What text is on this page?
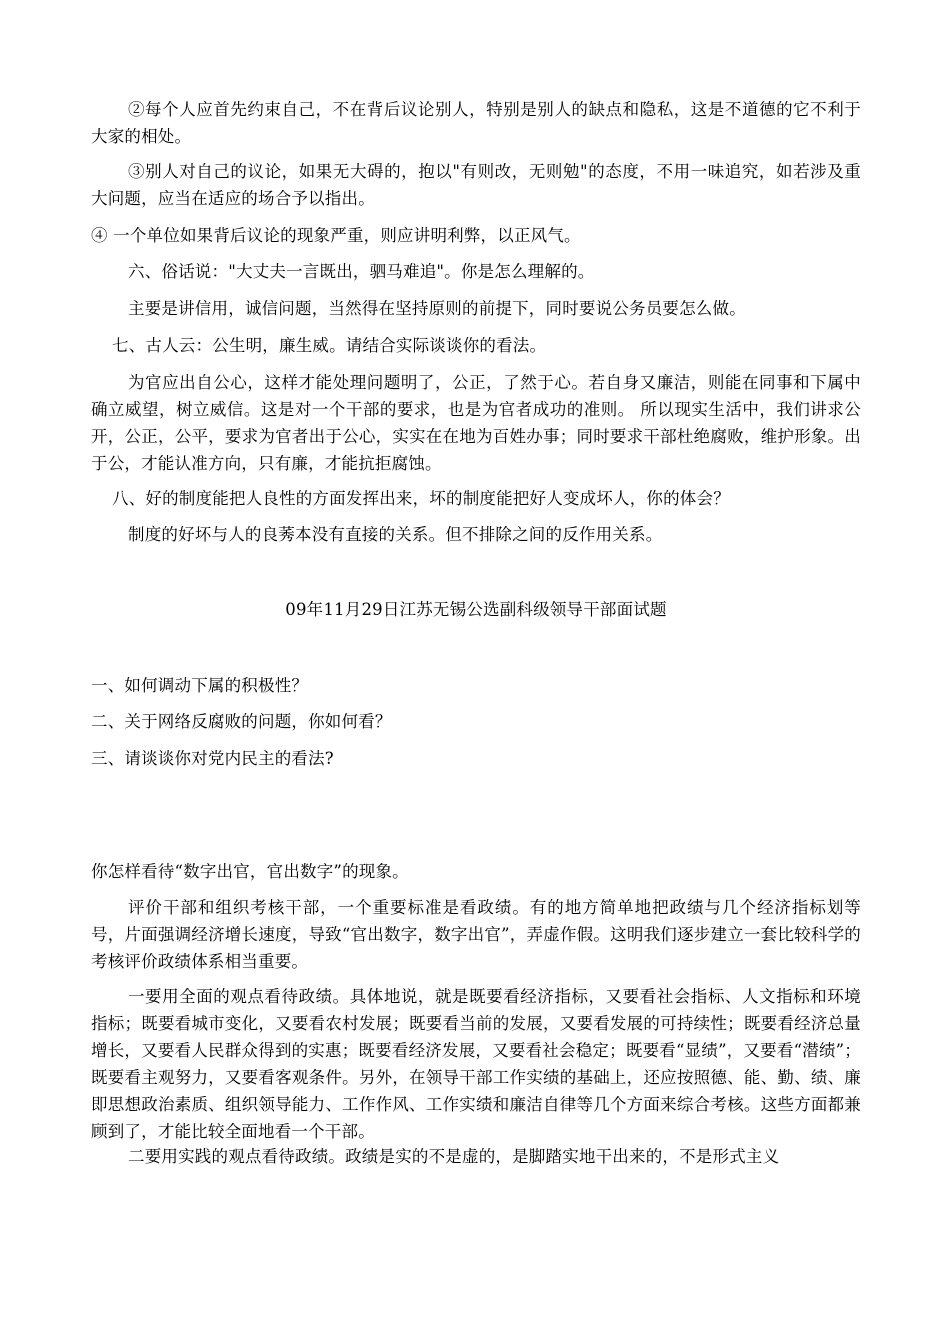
②每个人应首先约束自己，不在背后议论别人，特别是别人的缺点和隐私，这是不道德的它不利于大家的相处。

③别人对自己的议论，如果无大碍的，抱以"有则改，无则勉"的态度，不用一味追究，如若涉及重大问题，应当在适应的场合予以指出。

④ 一个单位如果背后议论的现象严重，则应讲明利弊，以正风气。

六、俗话说："大丈夫一言既出，驷马难追"。你是怎么理解的。

主要是讲信用，诚信问题，当然得在坚持原则的前提下，同时要说公务员要怎么做。

七、古人云：公生明，廉生威。请结合实际谈谈你的看法。

为官应出自公心，这样才能处理问题明了，公正，了然于心。若自身又廉洁，则能在同事和下属中确立威望，树立威信。这是对一个干部的要求，也是为官者成功的准则。 所以现实生活中，我们讲求公开，公正，公平，要求为官者出于公心，实实在在地为百姓办事；同时要求干部杜绝腐败，维护形象。出于公，才能认准方向，只有廉，才能抗拒腐蚀。

八、好的制度能把人良性的方面发挥出来，坏的制度能把好人变成坏人，你的体会？

制度的好坏与人的良莠本没有直接的关系。但不排除之间的反作用关系。

09年11月29日江苏无锡公选副科级领导干部面试题

一、如何调动下属的积极性？

二、关于网络反腐败的问题，你如何看？

三、请谈谈你对党内民主的看法?

你怎样看待“数字出官，官出数字”的现象。

评价干部和组织考核干部，一个重要标准是看政绩。有的地方简单地把政绩与几个经济指标划等号，片面强调经济增长速度，导致“官出数字，数字出官”，弄虚作假。这明我们逐步建立一套比较科学的考核评价政绩体系相当重要。

一要用全面的观点看待政绩。具体地说，就是既要看经济指标，又要看社会指标、人文指标和环境指标；既要看城市变化，又要看农村发展；既要看当前的发展，又要看发展的可持续性；既要看经济总量增长，又要看人民群众得到的实惠；既要看经济发展，又要看社会稳定；既要看“显绩”，又要看“潜绩”；既要看主观努力，又要看客观条件。另外，在领导干部工作实绩的基础上，还应按照德、能、勤、绩、廉即思想政治素质、组织领导能力、工作作风、工作实绩和廉洁自律等几个方面来综合考核。这些方面都兼顾到了，才能比较全面地看一个干部。

二要用实践的观点看待政绩。政绩是实的不是虚的，是脚踏实地干出来的，不是形式主义
